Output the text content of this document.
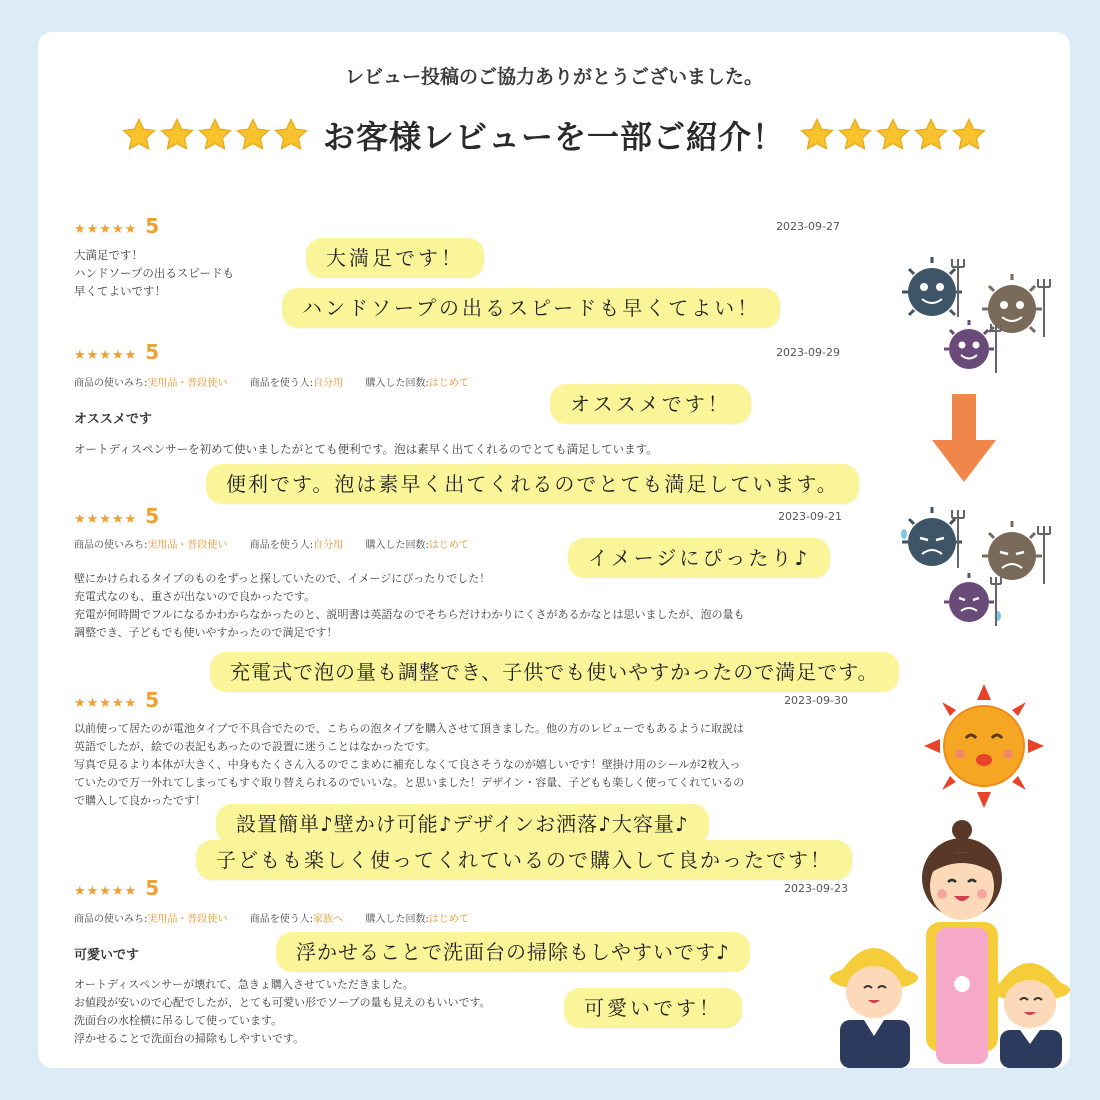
レビュー投稿のご協力ありがとうございました。
お客様レビューを一部ご紹介！
★★★★★ 5	2023-09-27
大満足です！
ハンドソープの出るスピードも
早くてよいです！
★★★★★ 5	2023-09-29
商品の使いみち:実用品・普段使い 商品を使う人:自分用 購入した回数:はじめて
オススメです
オートディスペンサーを初めて使いましたがとても便利です。泡は素早く出てくれるのでとても満足しています。
★★★★★ 5	2023-09-21
商品の使いみち:実用品・普段使い 商品を使う人:自分用 購入した回数:はじめて
壁にかけられるタイプのものをずっと探していたので、イメージにぴったりでした！
充電式なのも、重さが出ないので良かったです。
充電が何時間でフルになるかわからなかったのと、説明書は英語なのでそちらだけわかりにくさがあるかなとは思いましたが、泡の量も
調整でき、子どもでも使いやすかったので満足です！
★★★★★ 5	2023-09-30
以前使って居たのが電池タイプで不具合でたので、こちらの泡タイプを購入させて頂きました。他の方のレビューでもあるように取説は
英語でしたが、絵での表記もあったので設置に迷うことはなかったです。
写真で見るより本体が大きく、中身もたくさん入るのでこまめに補充しなくて良さそうなのが嬉しいです！壁掛け用のシールが2枚入っ
ていたので万一外れてしまってもすぐ取り替えられるのでいいな。と思いました！デザイン・容量、子どもも楽しく使ってくれているの
で購入して良かったです！
★★★★★ 5	2023-09-23
商品の使いみち:実用品・普段使い 商品を使う人:家族へ 購入した回数:はじめて
可愛いです
オートディスペンサーが壊れて、急きょ購入させていただきました。
お値段が安いので心配でしたが、とても可愛い形でソープの量も見えのもいいです。
洗面台の水栓横に吊るして使っています。
浮かせることで洗面台の掃除もしやすいです。
大満足です！
ハンドソープの出るスピードも早くてよい！
オススメです！
便利です。泡は素早く出てくれるのでとても満足しています。
イメージにぴったり♪
充電式で泡の量も調整でき、子供でも使いやすかったので満足です。
設置簡単♪壁かけ可能♪デザインお洒落♪大容量♪
子どもも楽しく使ってくれているので購入して良かったです！
浮かせることで洗面台の掃除もしやすいです♪
可愛いです！
